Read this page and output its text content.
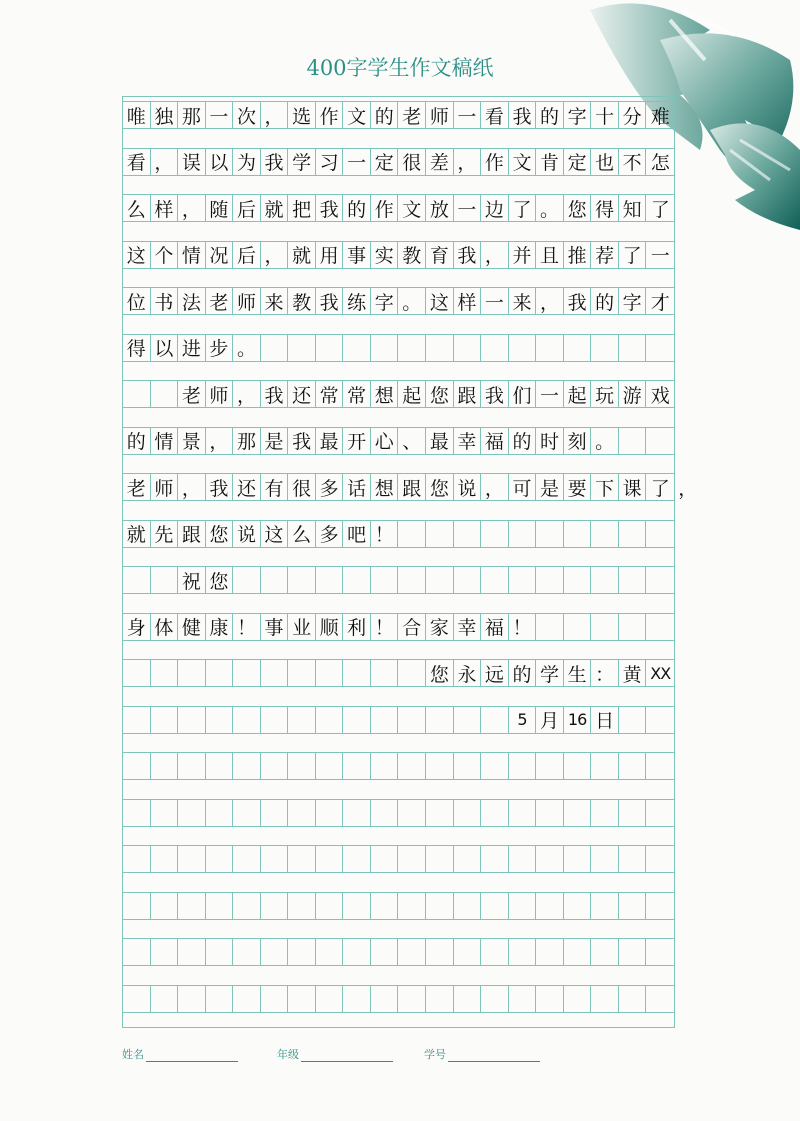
400字学生作文稿纸
唯 独 那 一 次 ， 选 作 文 的 老 师 一 看 我 的 字 十 分 难
看 ， 误 以 为 我 学 习 一 定 很 差 ， 作 文 肯 定 也 不 怎
么 样 ， 随 后 就 把 我 的 作 文 放 一 边 了 。 您 得 知 了
这 个 情 况 后 ， 就 用 事 实 教 育 我 ， 并 且 推 荐 了 一
位 书 法 老 师 来 教 我 练 字 。 这 样 一 来 ， 我 的 字 才
得 以 进 步 。
老 师 ， 我 还 常 常 想 起 您 跟 我 们 一 起 玩 游 戏
的 情 景 ， 那 是 我 最 开 心 、 最 幸 福 的 时 刻 。
老 师 ， 我 还 有 很 多 话 想 跟 您 说 ， 可 是 要 下 课 了 ，
就 先 跟 您 说 这 么 多 吧 ！
祝 您
身 体 健 康 ！ 事 业 顺 利 ！ 合 家 幸 福 ！
您 永 远 的 学 生 ： 黄 XX
5 月 16 日
姓名	年级	学号
